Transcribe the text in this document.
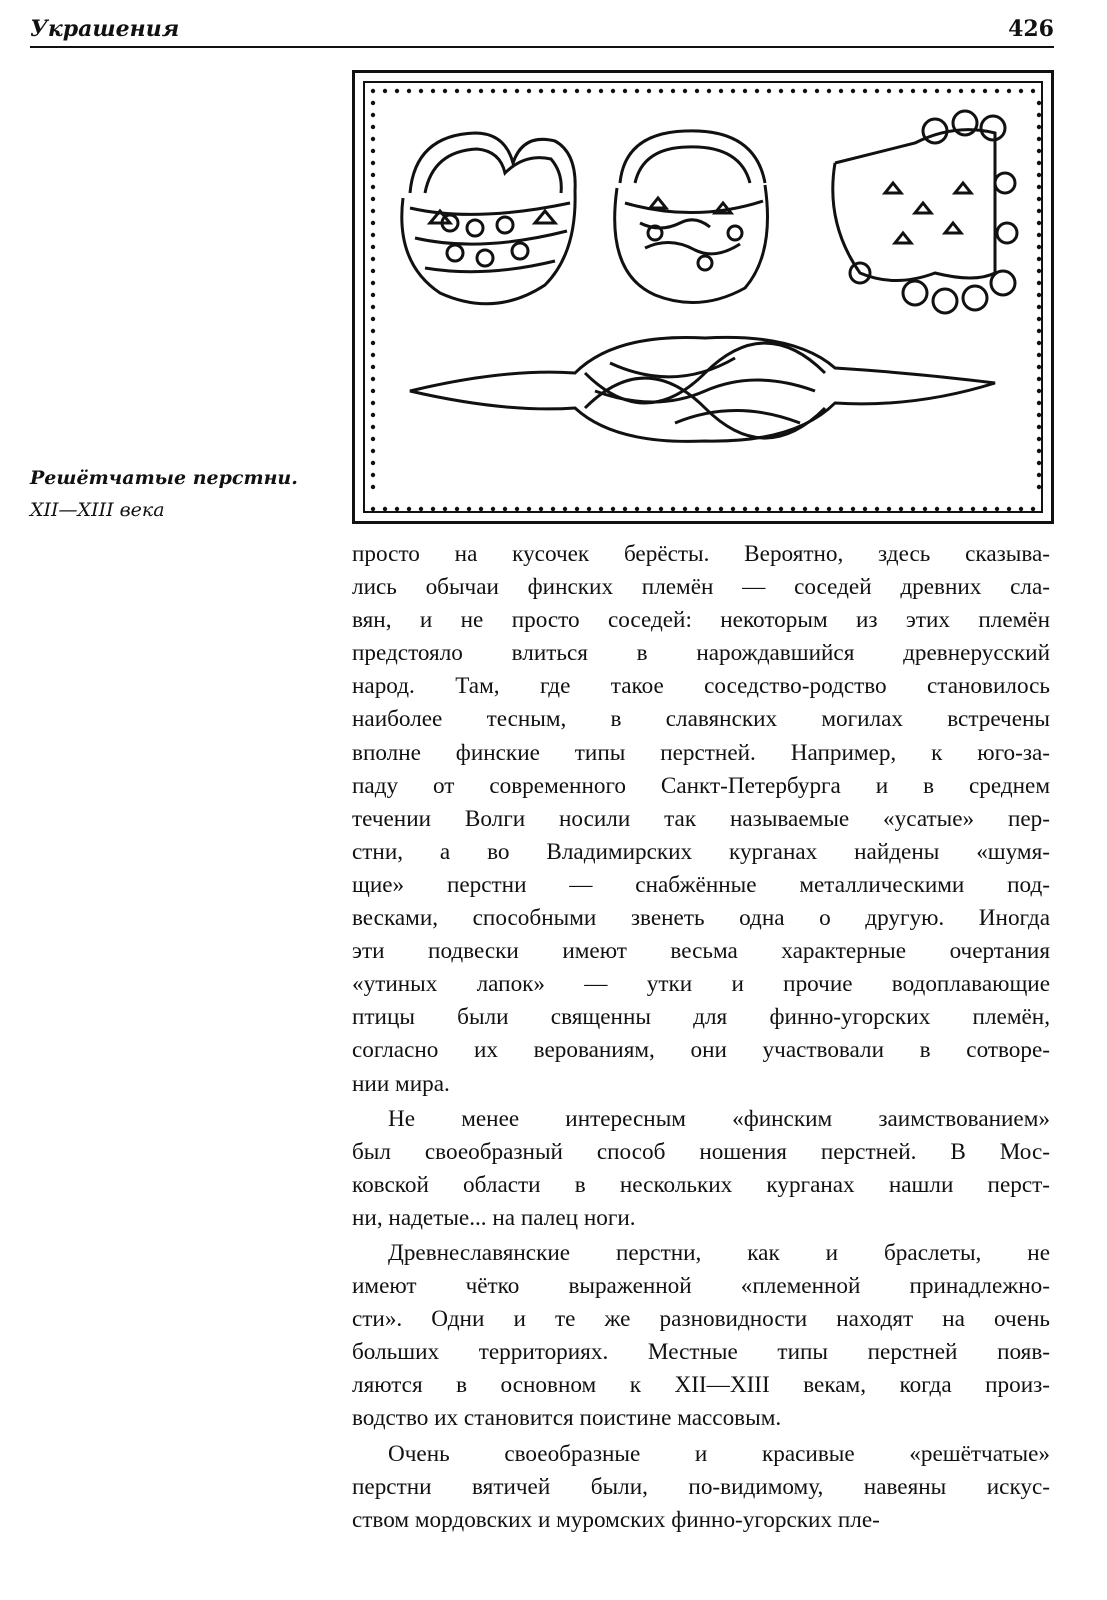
Украшения	426
Решётчатые перстни.
XII—XIII века
просто на кусочек берёсты. Вероятно, здесь сказыва-
лись обычаи финских племён — соседей древних сла-
вян, и не просто соседей: некоторым из этих племён
предстояло влиться в нарождавшийся древнерусский
народ. Там, где такое соседство-родство становилось
наиболее тесным, в славянских могилах встречены
вполне финские типы перстней. Например, к юго-за-
паду от современного Санкт-Петербурга и в среднем
течении Волги носили так называемые «усатые» пер-
стни, а во Владимирских курганах найдены «шумя-
щие» перстни — снабжённые металлическими под-
весками, способными звенеть одна о другую. Иногда
эти подвески имеют весьма характерные очертания
«утиных лапок» — утки и прочие водоплавающие
птицы были священны для финно-угорских племён,
согласно их верованиям, они участвовали в сотворе-
нии мира.
Не менее интересным «финским заимствованием»
был своеобразный способ ношения перстней. В Мос-
ковской области в нескольких курганах нашли перст-
ни, надетые... на палец ноги.
Древнеславянские перстни, как и браслеты, не
имеют чётко выраженной «племенной принадлежно-
сти». Одни и те же разновидности находят на очень
больших территориях. Местные типы перстней появ-
ляются в основном к XII—XIII векам, когда произ-
водство их становится поистине массовым.
Очень своеобразные и красивые «решётчатые»
перстни вятичей были, по-видимому, навеяны искус-
ством мордовских и муромских финно-угорских пле-
